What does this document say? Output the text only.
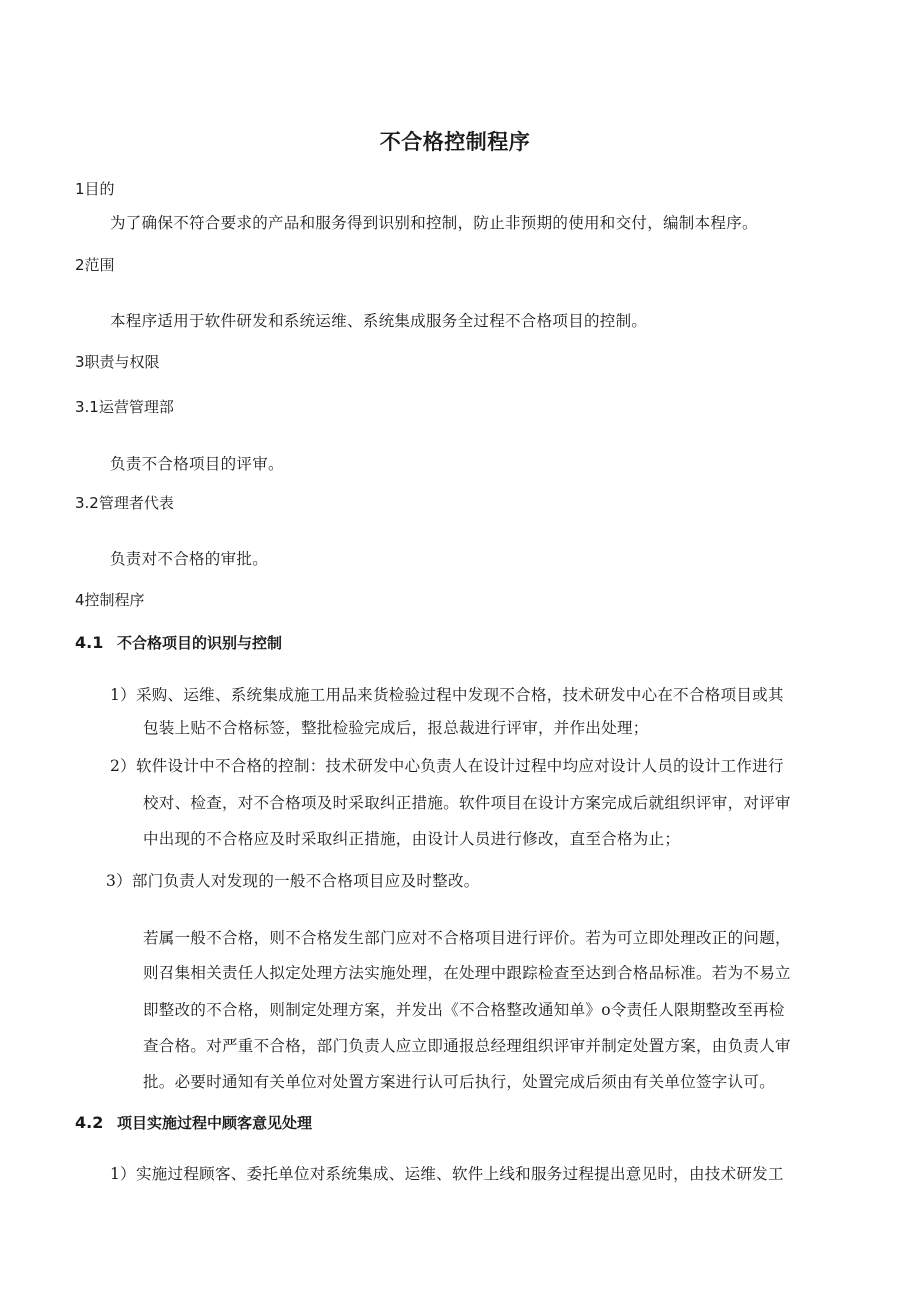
不合格控制程序
1目的
为了确保不符合要求的产品和服务得到识别和控制，防止非预期的使用和交付，编制本程序。
2范围
本程序适用于软件研发和系统运维、系统集成服务全过程不合格项目的控制。
3职责与权限
3.1运营管理部
负责不合格项目的评审。
3.2管理者代表
负责对不合格的审批。
4控制程序
4.1 不合格项目的识别与控制
1）采购、运维、系统集成施工用品来货检验过程中发现不合格，技术研发中心在不合格项目或其
包装上贴不合格标签，整批检验完成后，报总裁进行评审，并作出处理；
2）软件设计中不合格的控制：技术研发中心负责人在设计过程中均应对设计人员的设计工作进行
校对、检查，对不合格项及时采取纠正措施。软件项目在设计方案完成后就组织评审，对评审
中出现的不合格应及时采取纠正措施，由设计人员进行修改，直至合格为止；
3）部门负责人对发现的一般不合格项目应及时整改。
若属一般不合格，则不合格发生部门应对不合格项目进行评价。若为可立即处理改正的问题，
则召集相关责任人拟定处理方法实施处理，在处理中跟踪检查至达到合格品标准。若为不易立
即整改的不合格，则制定处理方案，并发出《不合格整改通知单》o令责任人限期整改至再检
查合格。对严重不合格，部门负责人应立即通报总经理组织评审并制定处置方案，由负责人审
批。必要时通知有关单位对处置方案进行认可后执行，处置完成后须由有关单位签字认可。
4.2 项目实施过程中顾客意见处理
1）实施过程顾客、委托单位对系统集成、运维、软件上线和服务过程提出意见时，由技术研发工
